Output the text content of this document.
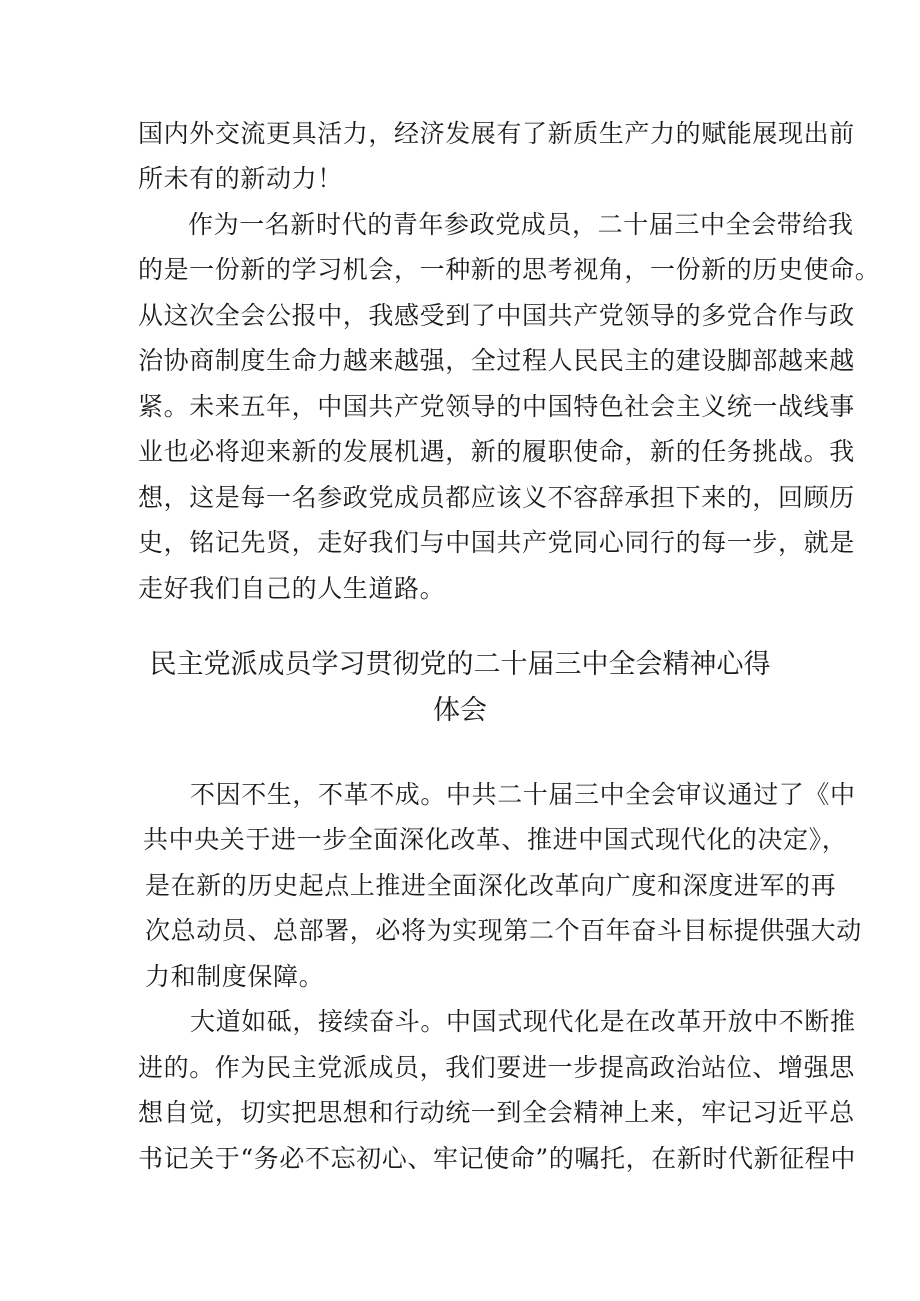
国内外交流更具活力，经济发展有了新质生产力的赋能展现出前
所未有的新动力！
作为一名新时代的青年参政党成员，二十届三中全会带给我
的是一份新的学习机会，一种新的思考视角，一份新的历史使命。
从这次全会公报中，我感受到了中国共产党领导的多党合作与政
治协商制度生命力越来越强，全过程人民民主的建设脚部越来越
紧。未来五年，中国共产党领导的中国特色社会主义统一战线事
业也必将迎来新的发展机遇，新的履职使命，新的任务挑战。我
想，这是每一名参政党成员都应该义不容辞承担下来的，回顾历
史，铭记先贤，走好我们与中国共产党同心同行的每一步，就是
走好我们自己的人生道路。
民主党派成员学习贯彻党的二十届三中全会精神心得
体会
不因不生，不革不成。中共二十届三中全会审议通过了《中
共中央关于进一步全面深化改革、推进中国式现代化的决定》，
是在新的历史起点上推进全面深化改革向广度和深度进军的再
次总动员、总部署，必将为实现第二个百年奋斗目标提供强大动
力和制度保障。
大道如砥，接续奋斗。中国式现代化是在改革开放中不断推
进的。作为民主党派成员，我们要进一步提高政治站位、增强思
想自觉，切实把思想和行动统一到全会精神上来，牢记习近平总
书记关于“务必不忘初心、牢记使命”的嘱托，在新时代新征程中
